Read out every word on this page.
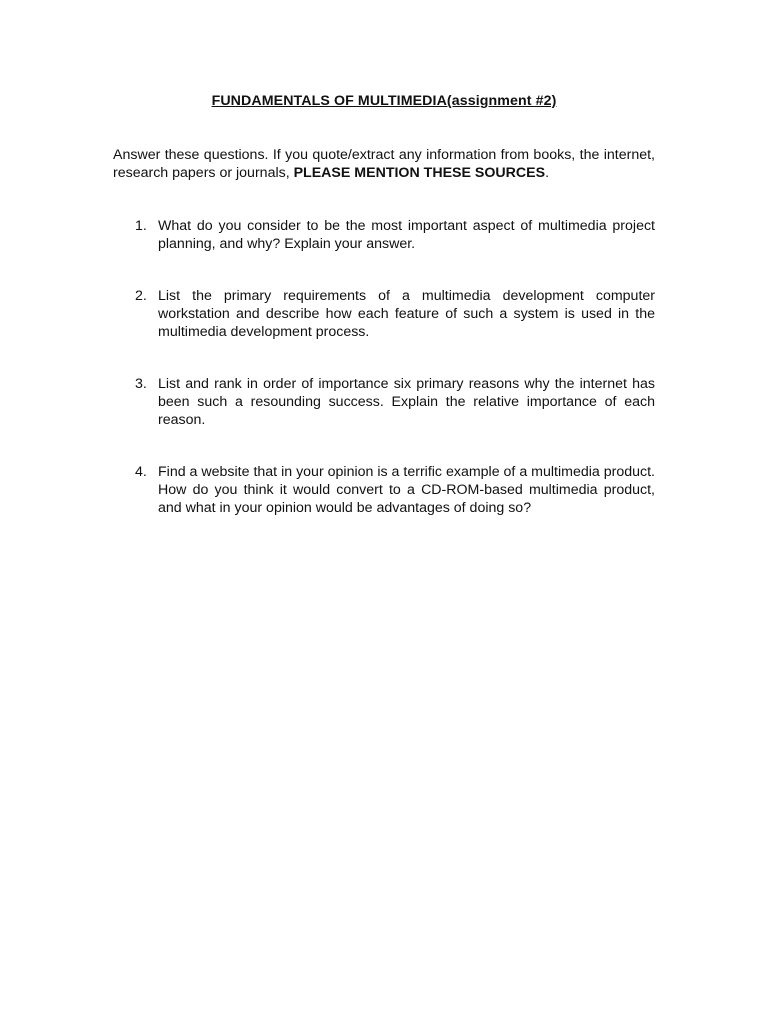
FUNDAMENTALS OF MULTIMEDIA(assignment #2)

Answer these questions. If you quote/extract any information from books, the internet, research papers or journals, PLEASE MENTION THESE SOURCES.

1. What do you consider to be the most important aspect of multimedia project planning, and why? Explain your answer.
2. List the primary requirements of a multimedia development computer workstation and describe how each feature of such a system is used in the multimedia development process.
3. List and rank in order of importance six primary reasons why the internet has been such a resounding success. Explain the relative importance of each reason.
4. Find a website that in your opinion is a terrific example of a multimedia product. How do you think it would convert to a CD-ROM-based multimedia product, and what in your opinion would be advantages of doing so?
